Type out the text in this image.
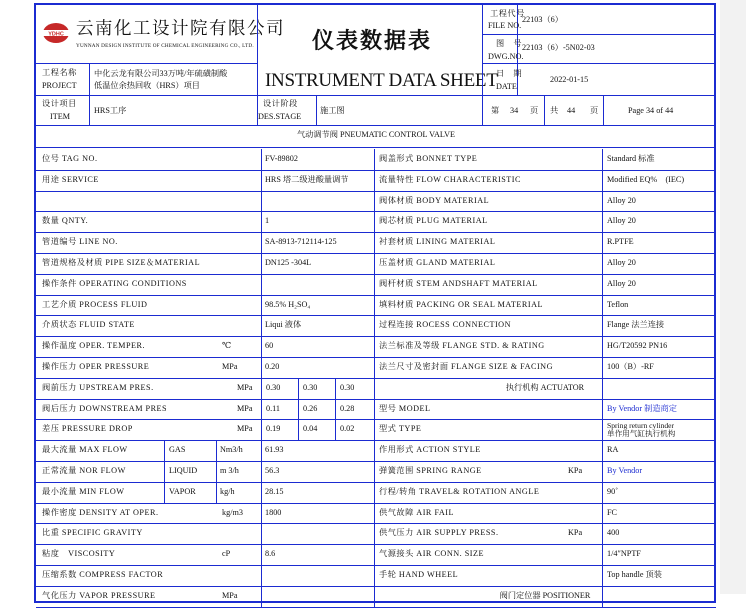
YDHC 云南化工设计院有限公司
YUNNAN DESIGN INSTITUTE OF CHEMICAL ENGINEERING CO., LTD.	仪表数据表
INSTRUMENT DATA SHEET
工程代号
FILE NO.
22103（6）
图　号
DWG.NO.
22103（6）-5N02-03
日　期
DATE
2022-01-15
工程名称
PROJECT
中化云龙有限公司33万吨/年硫磺制酸
低温位余热回收（HRS）项目
设计项目
ITEM
HRS工序
设计阶段
DES.STAGE
施工图	第 34 页 共 44 页	Page 34 of 44
气动调节阀 PNEUMATIC CONTROL VALVE
位号 TAG NO.	FV-89802
用途 SERVICE	HRS 塔二级进酸量调节
数量 QNTY.	1
管道编号 LINE NO.	SA-8913-712114-125
管道规格及材质 PIPE SIZE＆MATERIAL	DN125 -304L
操作条件 OPERATING CONDITIONS
工艺介质 PROCESS FLUID	98.5% H₂SO₄
介质状态 FLUID STATE	Liqui 液体
操作温度 OPER. TEMPER.	℃	60
操作压力 OPER PRESSURE	MPa	0.20
阀前压力 UPSTREAM PRES.	MPa 0.30	0.30	0.30
阀后压力 DOWNSTREAM PRES	MPa 0.11	0.26	0.28
差压 PRESSURE DROP	MPa 0.19	0.04	0.02
最大流量 MAX FLOW	GAS	Nm3/h	61.93
正常流量 NOR FLOW	LIQUID	m 3/h	56.3
最小流量 MIN FLOW	VAPOR	kg/h	28.15
操作密度 DENSITY AT OPER.	kg/m3	1800
比重 SPECIFIC GRAVITY
粘度　VISCOSITY	cP	8.6
压缩系数 COMPRESS FACTOR
气化压力 VAPOR PRESSURE	MPa
阀盖形式 BONNET TYPE	Standard 标准
流量特性 FLOW CHARACTERISTIC	Modified EQ%　(IEC)
阀体材质 BODY MATERIAL	Alloy 20
阀芯材质 PLUG MATERIAL	Alloy 20
衬套材质 LINING MATERIAL	R.PTFE
压盖材质 GLAND MATERIAL	Alloy 20
阀杆材质 STEM ANDSHAFT MATERIAL	Alloy 20
填料材质 PACKING OR SEAL MATERIAL	Teflon
过程连接 ROCESS CONNECTION	Flange 法兰连接
法兰标准及等级 FLANGE STD. & RATING	HG/T20592 PN16
法兰尺寸及密封面 FLANGE SIZE & FACING	100（B）-RF
执行机构 ACTUATOR
型号 MODEL	By Vendor 制造商定
型式 TYPE	Spring return cylinder
单作用气缸执行机构
作用形式 ACTION STYLE	RA
弹簧范围 SPRING RANGE	KPa	By Vendor
行程/转角 TRAVEL& ROTATION ANGLE	90˚
供气故障 AIR FAIL	FC
供气压力 AIR SUPPLY PRESS.	KPa	400
气源接头 AIR CONN. SIZE	1/4″NPTF
手轮 HAND WHEEL	Top handle 顶装
阀门定位器 POSITIONER
